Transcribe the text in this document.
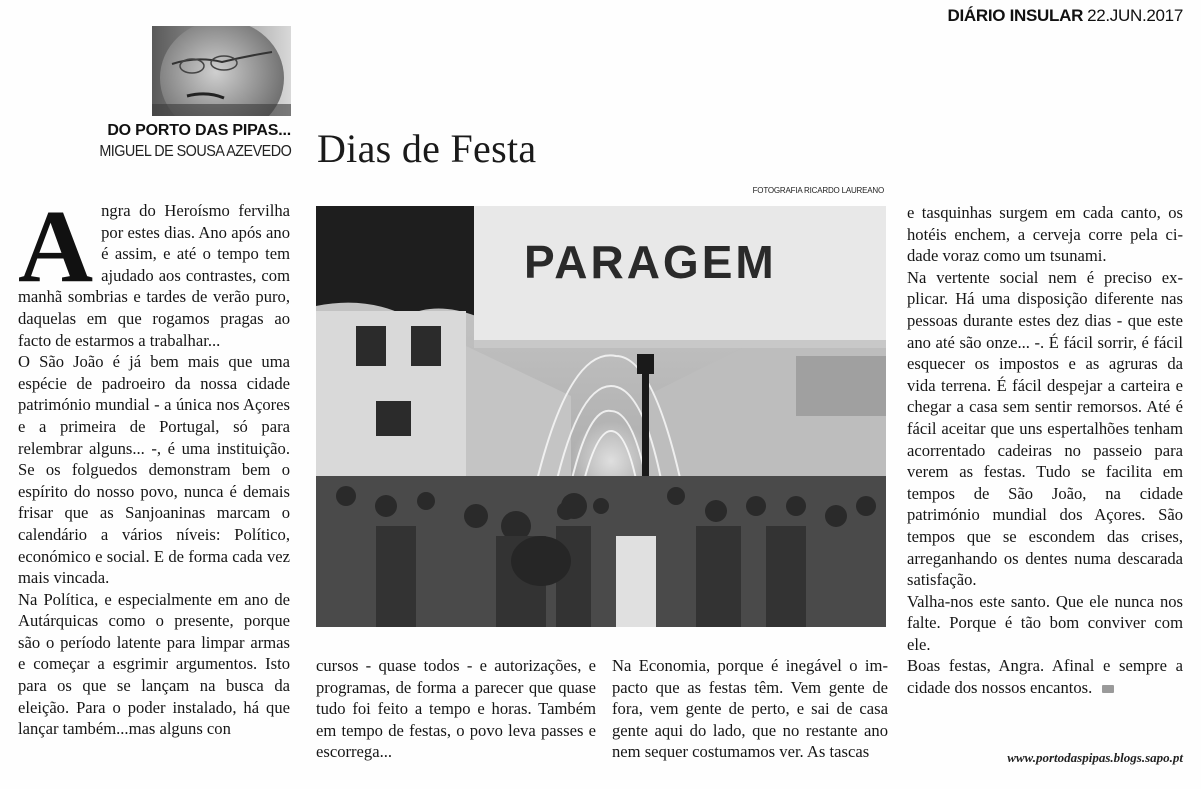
DIÁRIO INSULAR 22.JUN.2017
DO PORTO DAS PIPAS...
MIGUEL DE SOUSA AZEVEDO Dias de Festa
FOTOGRAFIA RICARDO LAUREANO
PARAGEM

Angra do Heroísmo fervilha por estes dias. Ano após ano é assim, e até o tempo tem ajudado aos contrastes, com manhã sombrias e tardes de verão puro, daquelas em que rogamos pragas ao facto de estarmos a trabalhar...

O São João é já bem mais que uma espécie de padroeiro da nossa cidade património mundial - a única nos Açores e a primeira de Portugal, só para relembrar alguns... -, é uma instituição. Se os folguedos demonstram bem o espírito do nosso povo, nunca é demais frisar que as Sanjoaninas marcam o calendário a vários níveis: Político, económico e social. E de forma cada vez mais vincada.

Na Política, e especialmente em ano de Autárquicas como o presente, porque são o período latente para limpar armas e começar a esgrimir argumentos. Isto para os que se lançam na busca da eleição. Para o poder instalado, há que lançar também...mas alguns con

cursos - quase todos - e autorizações, e programas, de forma a parecer que quase tudo foi feito a tempo e horas. Também em tempo de festas, o povo leva passes e escorrega...

Na Economia, porque é inegável o impacto que as festas têm. Vem gente de fora, vem gente de perto, e sai de casa gente aqui do lado, que no restante ano nem sequer costumamos ver. As tascas

e tasquinhas surgem em cada canto, os hotéis enchem, a cerveja corre pela cidade voraz como um tsunami.

Na vertente social nem é preciso explicar. Há uma disposição diferente nas pessoas durante estes dez dias - que este ano até são onze... -. É fácil sorrir, é fácil esquecer os impostos e as agruras da vida terrena. É fácil despejar a carteira e chegar a casa sem sentir remorsos. Até é fácil aceitar que uns espertalhões tenham acorrentado cadeiras no passeio para verem as festas. Tudo se facilita em tempos de São João, na cidade património mundial dos Açores. São tempos que se escondem das crises, arreganhando os dentes numa descarada satisfação.

Valha-nos este santo. Que ele nunca nos falte. Porque é tão bom conviver com ele.

Boas festas, Angra. Afinal e sempre a cidade dos nossos encantos.

www.portodaspipas.blogs.sapo.pt
